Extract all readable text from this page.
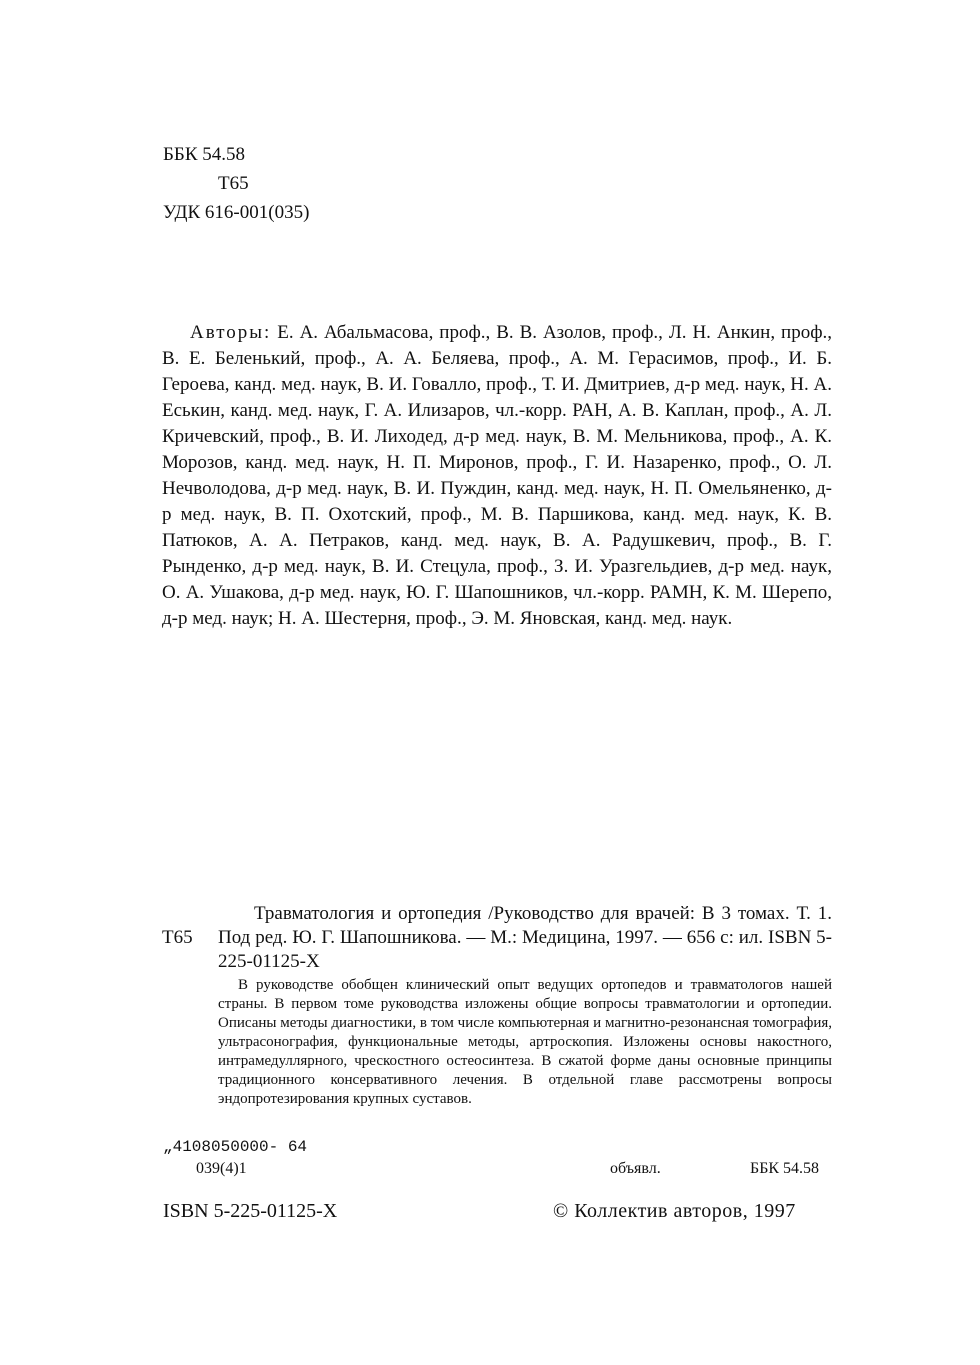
ББК 54.58
Т65
УДК 616-001(035)
Авторы: Е. А. Абальмасова, проф., В. В. Азолов, проф., Л. Н. Анкин, проф., В. Е. Беленький, проф., А. А. Беляева, проф., А. М. Герасимов, проф., И. Б. Героева, канд. мед. наук, В. И. Говалло, проф., Т. И. Дмитриев, д-р мед. наук, Н. А. Еськин, канд. мед. наук, Г. А. Илизаров, чл.-корр. РАН, А. В. Каплан, проф., А. Л. Кричевский, проф., В. И. Лиходед, д-р мед. наук, В. М. Мельникова, проф., А. К. Морозов, канд. мед. наук, Н. П. Миронов, проф., Г. И. Назаренко, проф., О. Л. Нечволодова, д-р мед. наук, В. И. Пуждин, канд. мед. наук, Н. П. Омельяненко, д-р мед. наук, В. П. Охотский, проф., М. В. Паршикова, канд. мед. наук, К. В. Патюков, А. А. Петраков, канд. мед. наук, В. А. Радушкевич, проф., В. Г. Рынденко, д-р мед. наук, В. И. Стецула, проф., З. И. Уразгельдиев, д-р мед. наук, О. А. Ушакова, д-р мед. наук, Ю. Г. Шапошников, чл.-корр. РАМН, К. М. Шерепо, д-р мед. наук; Н. А. Шестерня, проф., Э. М. Яновская, канд. мед. наук.
Т65
Травматология и ортопедия /Руководство для врачей: В 3 томах. Т. 1. Под ред. Ю. Г. Шапошникова. — М.: Медицина, 1997. — 656 с: ил. ISBN 5-225-01125-Х
В руководстве обобщен клинический опыт ведущих ортопедов и травматологов нашей страны. В первом томе руководства изложены общие вопросы травматологии и ортопедии. Описаны методы диагностики, в том числе компьютерная и магнитно-резонансная томография, ультрасонография, функциональные методы, артроскопия. Изложены основы накостного, интрамедуллярного, чрескостного остеосинтеза. В сжатой форме даны основные принципы традиционного консервативного лечения. В отдельной главе рассмотрены вопросы эндопротезирования крупных суставов.
„4108050000- 64
039(4)1	объявл.	ББК 54.58
ISBN 5-225-01125-Х	© Коллектив авторов, 1997
